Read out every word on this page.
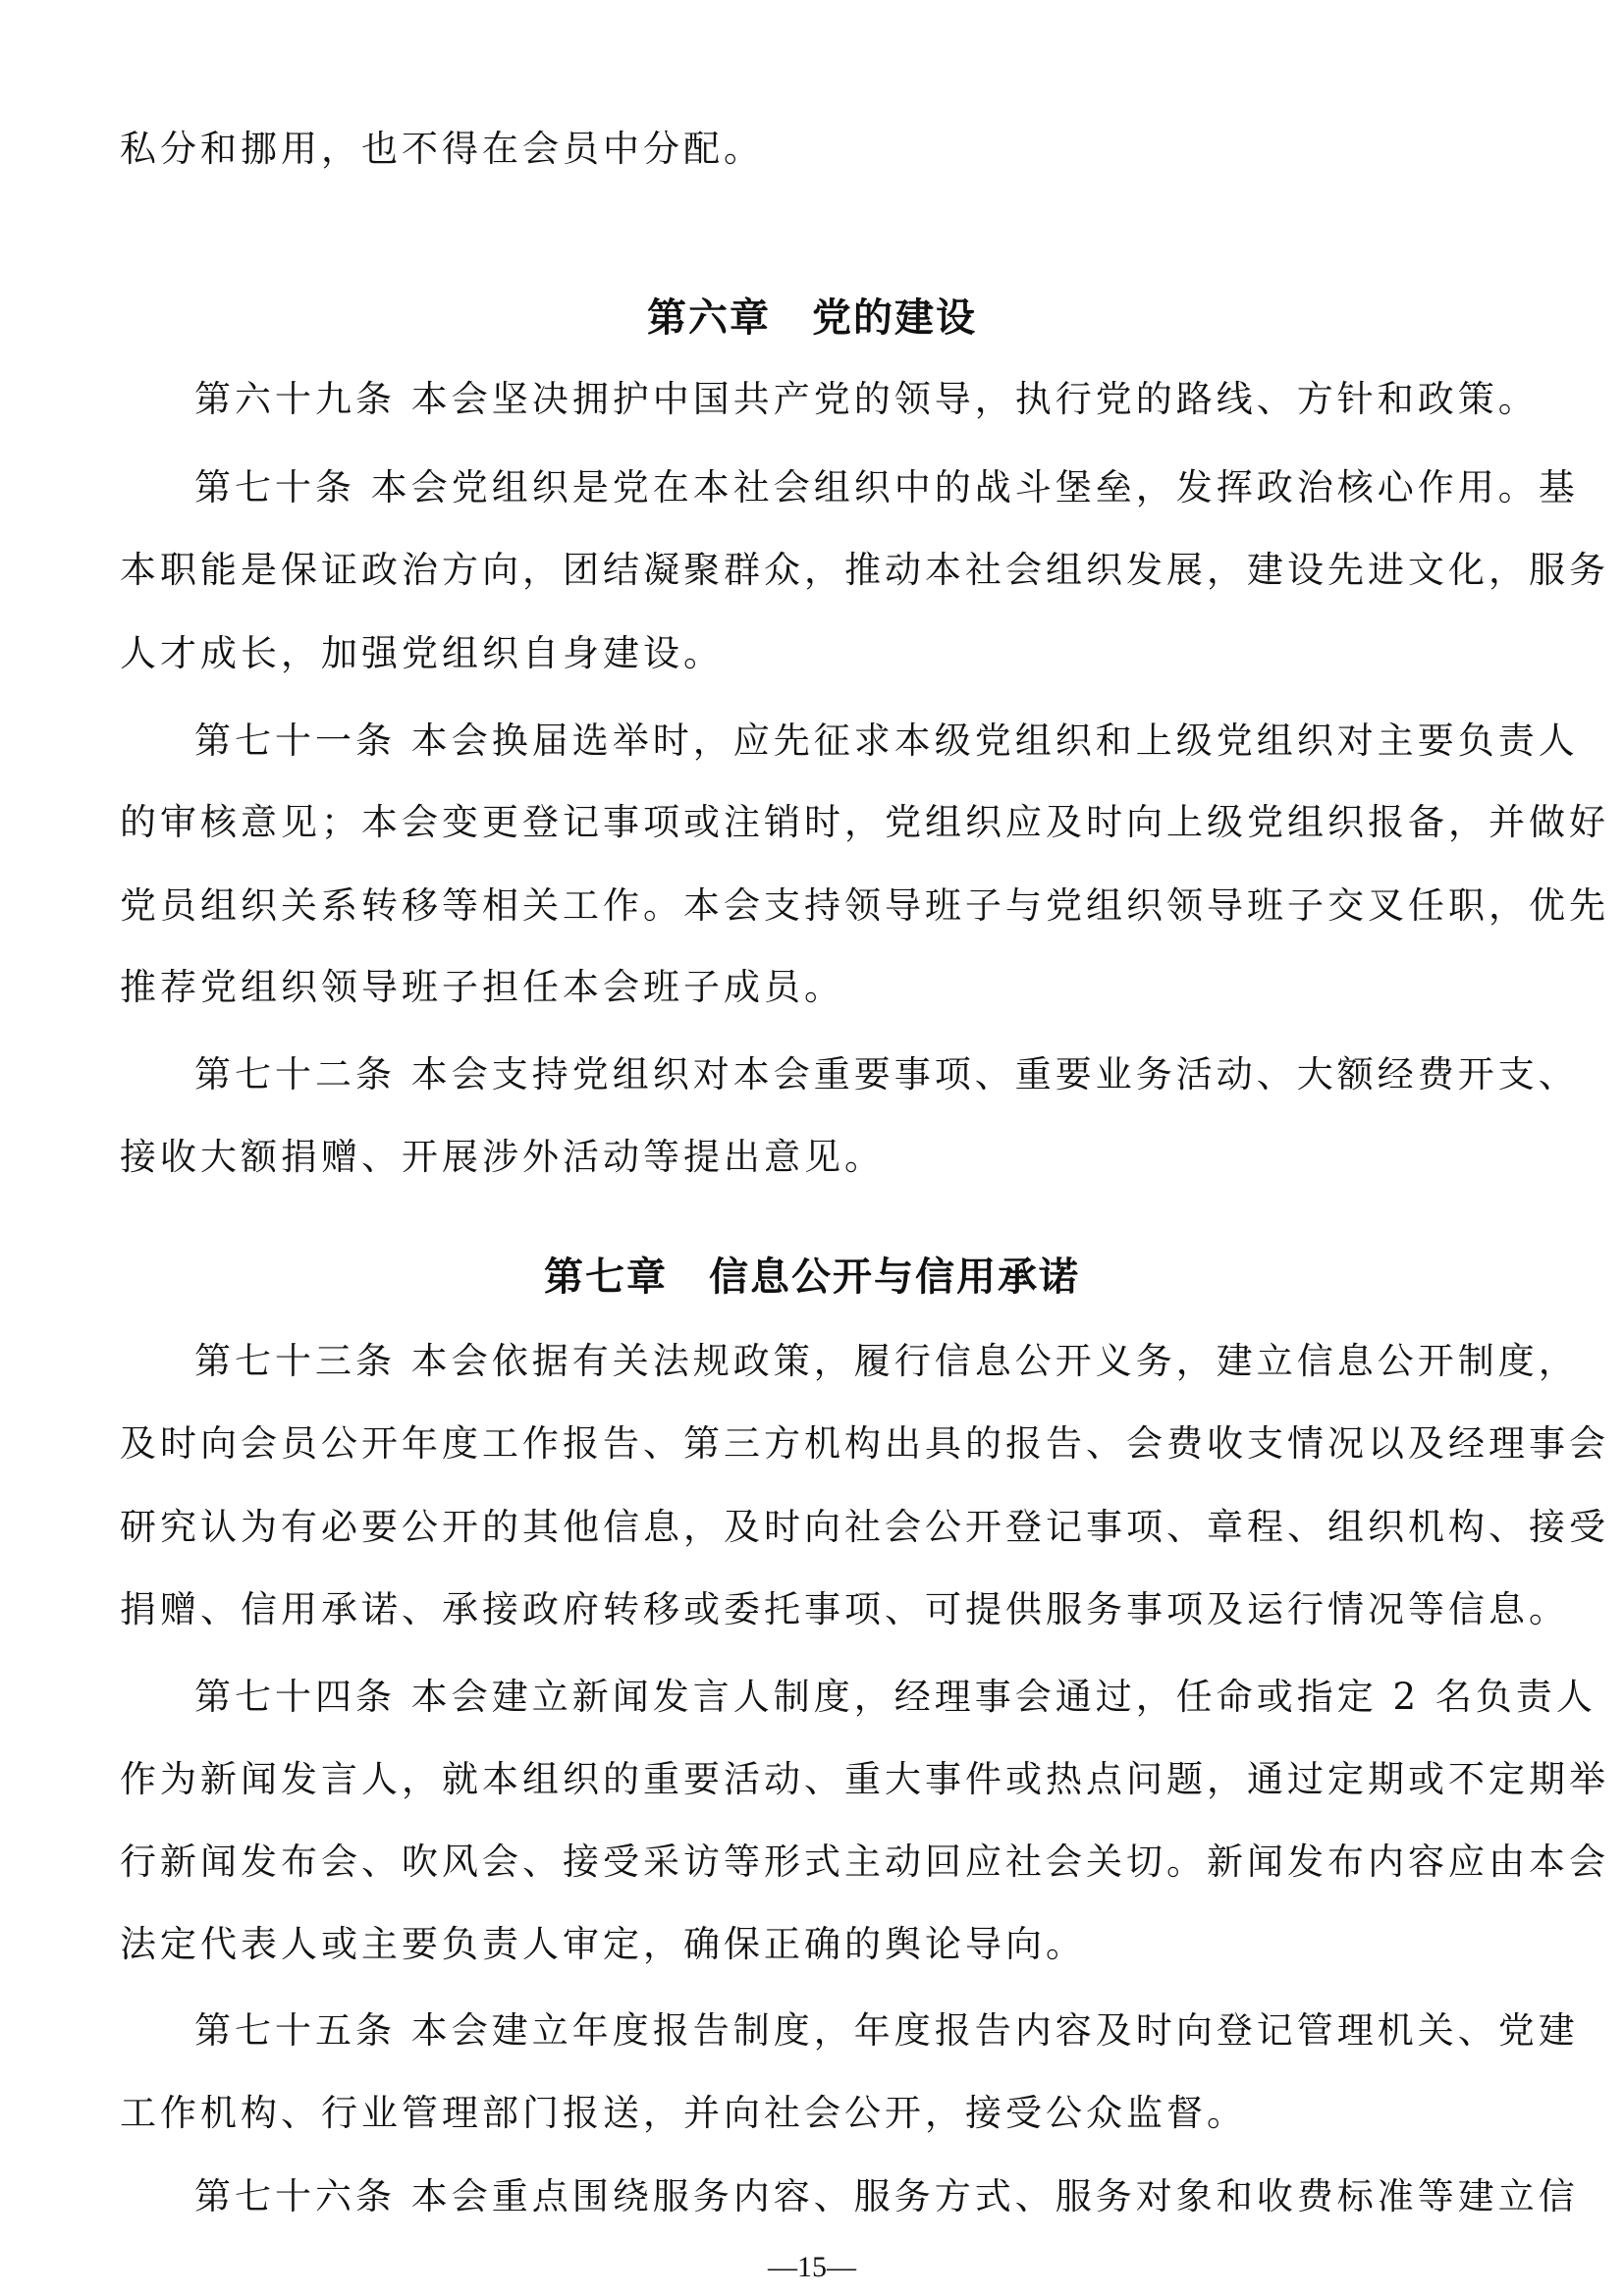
私分和挪用，也不得在会员中分配。
第六章　党的建设
第六十九条 本会坚决拥护中国共产党的领导，执行党的路线、方针和政策。
第七十条 本会党组织是党在本社会组织中的战斗堡垒，发挥政治核心作用。基
本职能是保证政治方向，团结凝聚群众，推动本社会组织发展，建设先进文化，服务
人才成长，加强党组织自身建设。
第七十一条 本会换届选举时，应先征求本级党组织和上级党组织对主要负责人
的审核意见；本会变更登记事项或注销时，党组织应及时向上级党组织报备，并做好
党员组织关系转移等相关工作。本会支持领导班子与党组织领导班子交叉任职，优先
推荐党组织领导班子担任本会班子成员。
第七十二条 本会支持党组织对本会重要事项、重要业务活动、大额经费开支、
接收大额捐赠、开展涉外活动等提出意见。
第七章　信息公开与信用承诺
第七十三条 本会依据有关法规政策，履行信息公开义务，建立信息公开制度，
及时向会员公开年度工作报告、第三方机构出具的报告、会费收支情况以及经理事会
研究认为有必要公开的其他信息，及时向社会公开登记事项、章程、组织机构、接受
捐赠、信用承诺、承接政府转移或委托事项、可提供服务事项及运行情况等信息。
第七十四条 本会建立新闻发言人制度，经理事会通过，任命或指定 2 名负责人
作为新闻发言人，就本组织的重要活动、重大事件或热点问题，通过定期或不定期举
行新闻发布会、吹风会、接受采访等形式主动回应社会关切。新闻发布内容应由本会
法定代表人或主要负责人审定，确保正确的舆论导向。
第七十五条 本会建立年度报告制度，年度报告内容及时向登记管理机关、党建
工作机构、行业管理部门报送，并向社会公开，接受公众监督。
第七十六条 本会重点围绕服务内容、服务方式、服务对象和收费标准等建立信
—15—
